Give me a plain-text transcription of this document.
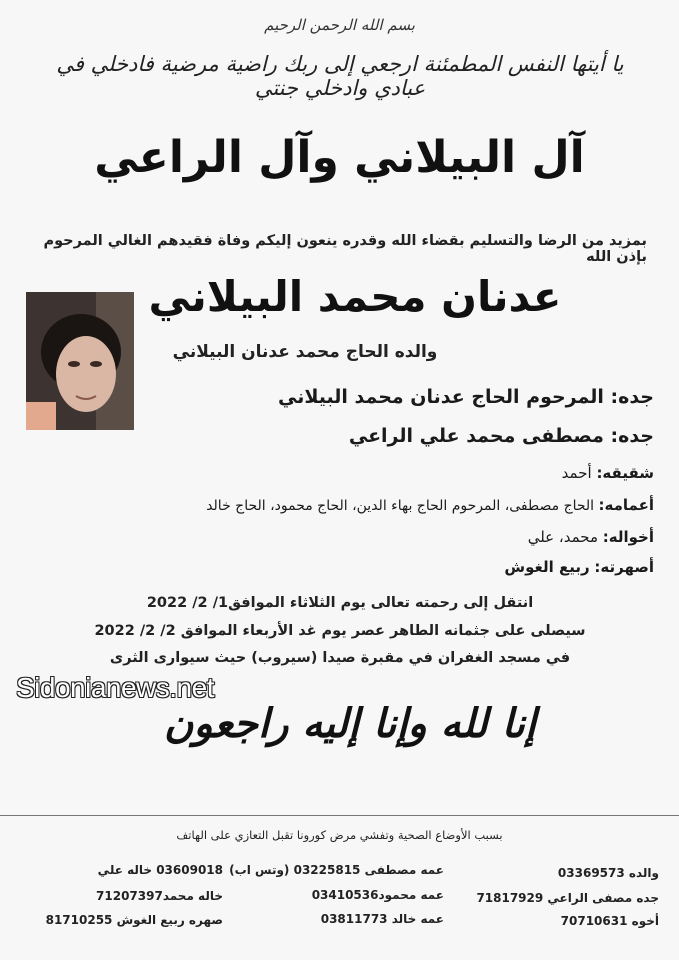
بسم الله الرحمن الرحيم
يا أيتها النفس المطمئنة ارجعي إلى ربك راضية مرضية فادخلي في عبادي وادخلي جنتي
آل البيلاني وآل الراعي
بمزيد من الرضا والتسليم بقضاء الله وقدره ينعون إليكم وفاة فقيدهم الغالي المرحوم بإذن الله
عدنان محمد البيلاني
والده الحاج محمد عدنان البيلاني
جده: المرحوم الحاج عدنان محمد البيلاني
جده: مصطفى محمد علي الراعي
شقيقه: أحمد
أعمامه: الحاج مصطفى، المرحوم الحاج بهاء الدين، الحاج محمود، الحاج خالد
أخواله: محمد، علي
أصهرته: ربيع الغوش
انتقل إلى رحمته تعالى يوم الثلاثاء الموافق1/ 2/ 2022
سيصلى على جثمانه الطاهر عصر يوم غد الأربعاء الموافق 2/ 2/ 2022
في مسجد الغفران في مقبرة صيدا (سيروب) حيث سيوارى الثرى
Sidonianews.net
إنا لله وإنا إليه راجعون
بسبب الأوضاع الصحية وتفشي مرض كورونا تقبل التعازي على الهاتف
والده 03369573
جده مصفى الراعي 71817929
أخوه 70710631
عمه مصطفى 03225815 (وتس اب)
عمه محمود03410536
عمه خالد 03811773
03609018 خاله علي
خاله محمد71207397
صهره ربيع الغوش 81710255
